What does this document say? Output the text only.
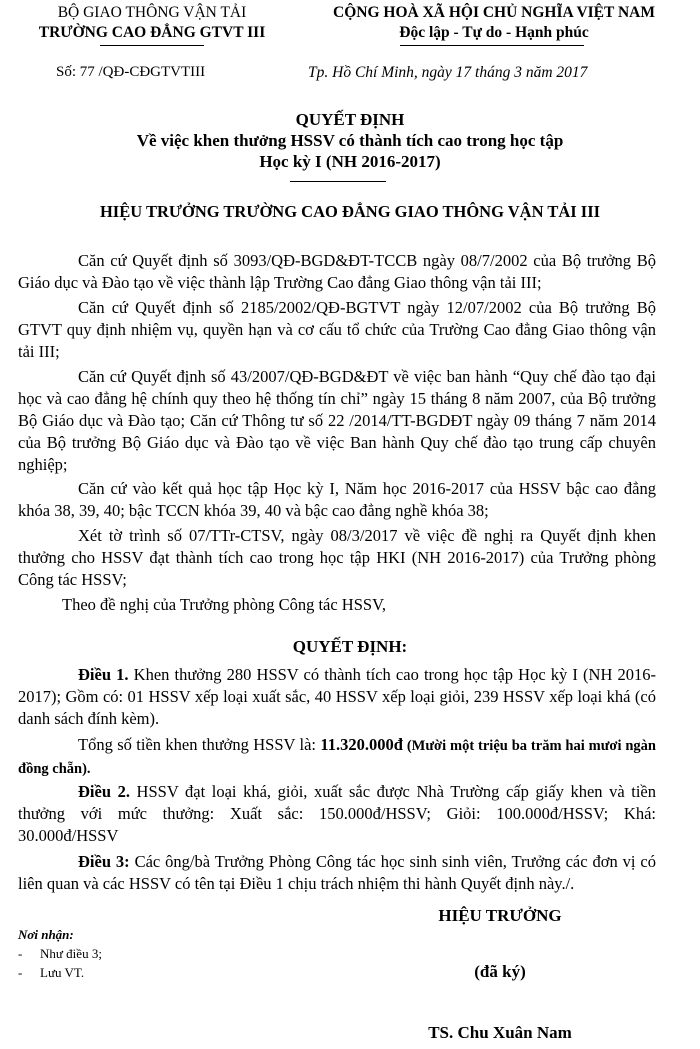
BỘ GIAO THÔNG VẬN TẢI
TRƯỜNG CAO ĐẲNG GTVT III
Số: 77 /QĐ-CĐGTVTIII
CỘNG HOÀ XÃ HỘI CHỦ NGHĨA VIỆT NAM
Độc lập - Tự do - Hạnh phúc
Tp. Hồ Chí Minh, ngày 17 tháng 3 năm 2017
QUYẾT ĐỊNH
Về việc khen thưởng HSSV có thành tích cao trong học tập
Học kỳ I (NH 2016-2017)
HIỆU TRƯỞNG TRƯỜNG CAO ĐẲNG GIAO THÔNG VẬN TẢI III
Căn cứ Quyết định số 3093/QĐ-BGD&ĐT-TCCB ngày 08/7/2002 của Bộ trưởng Bộ Giáo dục và Đào tạo về việc thành lập Trường Cao đẳng Giao thông vận tải III;
Căn cứ Quyết định số 2185/2002/QĐ-BGTVT ngày 12/07/2002 của Bộ trưởng Bộ GTVT quy định nhiệm vụ, quyền hạn và cơ cấu tổ chức của Trường Cao đẳng Giao thông vận tải III;
Căn cứ Quyết định số 43/2007/QĐ-BGD&ĐT về việc ban hành “Quy chế đào tạo đại học và cao đẳng hệ chính quy theo hệ thống tín chỉ” ngày 15 tháng 8 năm 2007, của Bộ trưởng Bộ Giáo dục và Đào tạo; Căn cứ Thông tư số 22 /2014/TT-BGDĐT ngày 09 tháng 7 năm 2014 của Bộ trưởng Bộ Giáo dục và Đào tạo về việc Ban hành Quy chế đào tạo trung cấp chuyên nghiệp;
Căn cứ vào kết quả học tập Học kỳ I, Năm học 2016-2017 của HSSV bậc cao đẳng khóa 38, 39, 40; bậc TCCN khóa 39, 40 và bậc cao đẳng nghề khóa 38;
Xét tờ trình số 07/TTr-CTSV, ngày 08/3/2017 về việc đề nghị ra Quyết định khen thưởng cho HSSV đạt thành tích cao trong học tập HKI (NH 2016-2017) của Trưởng phòng Công tác HSSV;
Theo đề nghị của Trưởng phòng Công tác HSSV,
QUYẾT ĐỊNH:
Điều 1. Khen thưởng 280 HSSV có thành tích cao trong học tập Học kỳ I (NH 2016-2017); Gồm có: 01 HSSV xếp loại xuất sắc, 40 HSSV xếp loại giỏi, 239 HSSV xếp loại khá (có danh sách đính kèm).
Tổng số tiền khen thưởng HSSV là: 11.320.000đ (Mười một triệu ba trăm hai mươi ngàn đồng chẵn).
Điều 2. HSSV đạt loại khá, giỏi, xuất sắc được Nhà Trường cấp giấy khen và tiền thưởng với mức thưởng: Xuất sắc: 150.000đ/HSSV; Giỏi: 100.000đ/HSSV; Khá: 30.000đ/HSSV
Điều 3: Các ông/bà Trưởng Phòng Công tác học sinh sinh viên, Trưởng các đơn vị có liên quan và các HSSV có tên tại Điều 1 chịu trách nhiệm thi hành Quyết định này./.
Nơi nhận:
- Như điều 3;
- Lưu VT.
HIỆU TRƯỞNG
(đã ký)
TS. Chu Xuân Nam
